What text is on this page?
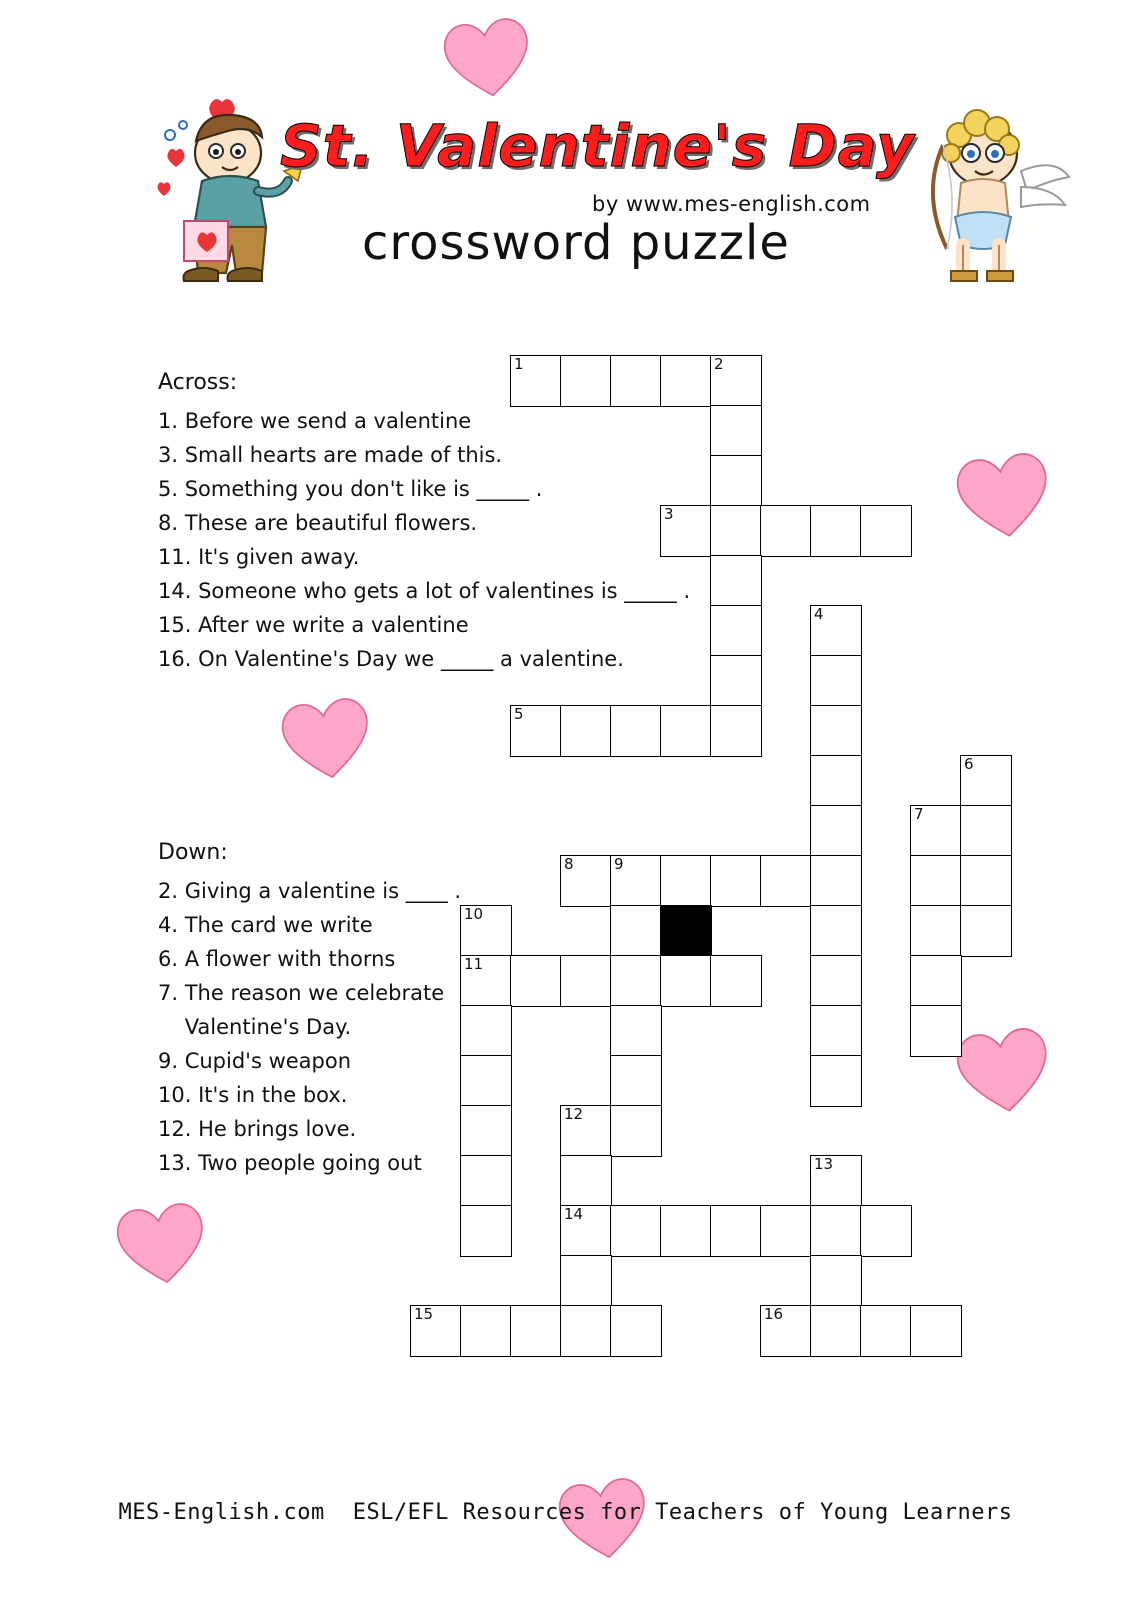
St. Valentine's Day
by www.mes-english.com
crossword puzzle
Across:
1. Before we send a valentine
3. Small hearts are made of this.
5. Something you don't like is _____ .
8. These are beautiful flowers.
11. It's given away.
14. Someone who gets a lot of valentines is _____ .
15. After we write a valentine
16. On Valentine's Day we _____ a valentine.
Down:
2. Giving a valentine is ____ .
4. The card we write
6. A flower with thorns
7. The reason we celebrate
Valentine's Day.
9. Cupid's weapon
10. It's in the box.
12. He brings love.
13. Two people going out
1	2
3
4
5
6
7
8	9
10
11
12
13
14
15	16
MES-English.com ESL/EFL Resources for Teachers of Young Learners
